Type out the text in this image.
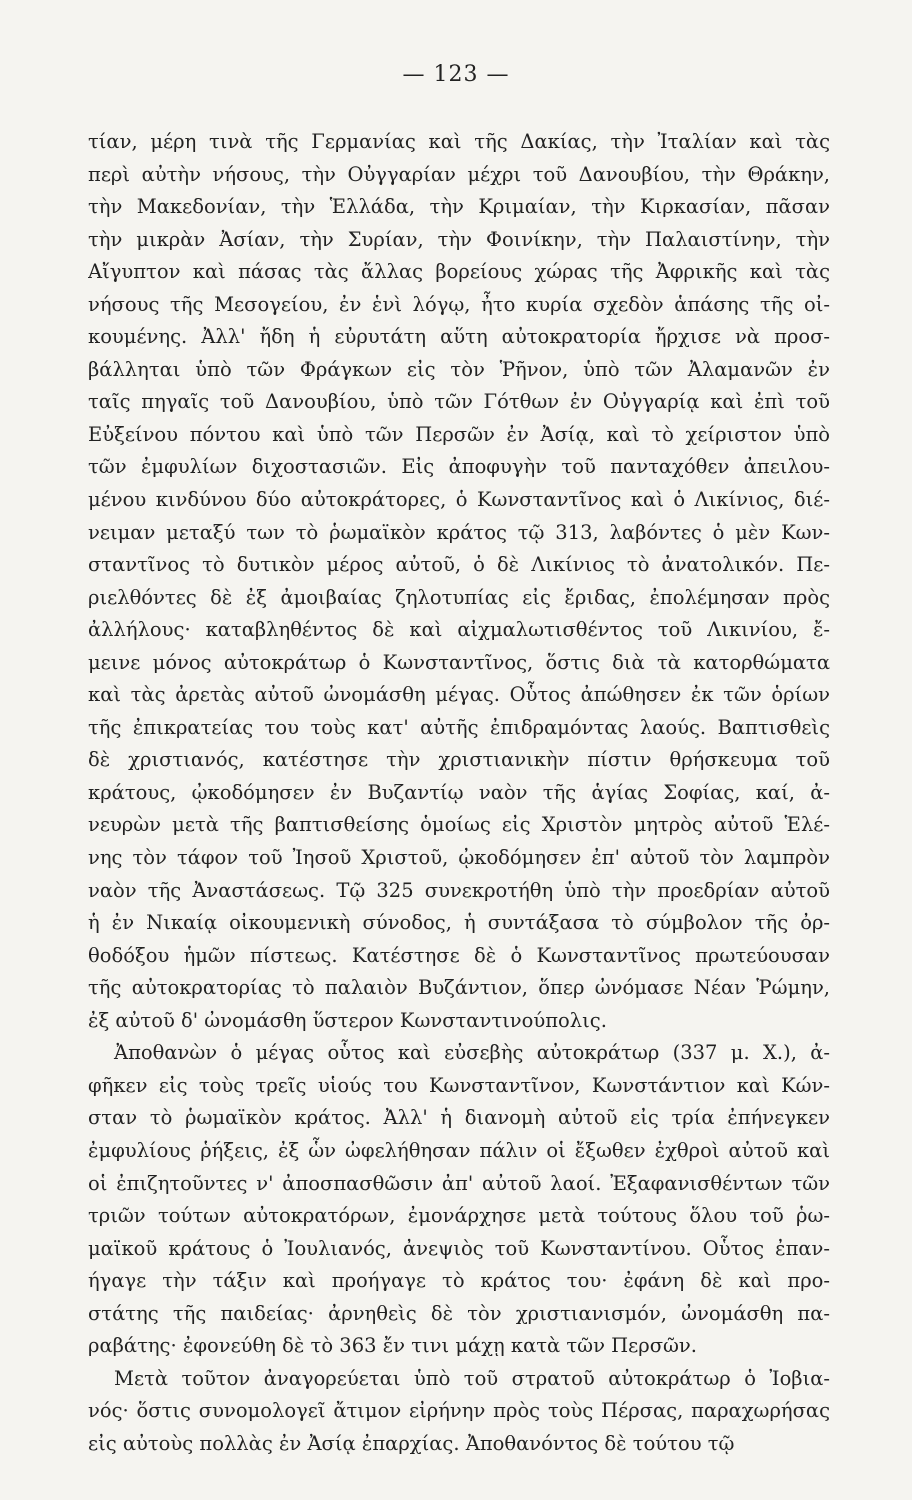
— 123 —
τίαν, μέρη τινὰ τῆς Γερμανίας καὶ τῆς Δακίας, τὴν Ἰταλίαν καὶ τὰς
περὶ αὐτὴν νήσους, τὴν Οὐγγαρίαν μέχρι τοῦ Δανουβίου, τὴν Θράκην,
τὴν Μακεδονίαν, τὴν Ἑλλάδα, τὴν Κριμαίαν, τὴν Κιρκασίαν, πᾶσαν
τὴν μικρὰν Ἀσίαν, τὴν Συρίαν, τὴν Φοινίκην, τὴν Παλαιστίνην, τὴν
Αἴγυπτον καὶ πάσας τὰς ἄλλας βορείους χώρας τῆς Ἀφρικῆς καὶ τὰς
νήσους τῆς Μεσογείου, ἐν ἑνὶ λόγῳ, ἦτο κυρία σχεδὸν ἁπάσης τῆς οἰ-
κουμένης. Ἀλλ' ἤδη ἡ εὐρυτάτη αὕτη αὐτοκρατορία ἤρχισε νὰ προσ-
βάλληται ὑπὸ τῶν Φράγκων εἰς τὸν Ῥῆνον, ὑπὸ τῶν Ἀλαμανῶν ἐν
ταῖς πηγαῖς τοῦ Δανουβίου, ὑπὸ τῶν Γότθων ἐν Οὐγγαρίᾳ καὶ ἐπὶ τοῦ
Εὐξείνου πόντου καὶ ὑπὸ τῶν Περσῶν ἐν Ἀσίᾳ, καὶ τὸ χείριστον ὑπὸ
τῶν ἐμφυλίων διχοστασιῶν. Εἰς ἀποφυγὴν τοῦ πανταχόθεν ἀπειλου-
μένου κινδύνου δύο αὐτοκράτορες, ὁ Κωνσταντῖνος καὶ ὁ Λικίνιος, διέ-
νειμαν μεταξύ των τὸ ῥωμαϊκὸν κράτος τῷ 313, λαβόντες ὁ μὲν Κων-
σταντῖνος τὸ δυτικὸν μέρος αὐτοῦ, ὁ δὲ Λικίνιος τὸ ἀνατολικόν. Πε-
ριελθόντες δὲ ἐξ ἀμοιβαίας ζηλοτυπίας εἰς ἔριδας, ἐπολέμησαν πρὸς
ἀλλήλους· καταβληθέντος δὲ καὶ αἰχμαλωτισθέντος τοῦ Λικινίου, ἔ-
μεινε μόνος αὐτοκράτωρ ὁ Κωνσταντῖνος, ὅστις διὰ τὰ κατορθώματα
καὶ τὰς ἀρετὰς αὐτοῦ ὠνομάσθη μέγας. Οὗτος ἀπώθησεν ἐκ τῶν ὁρίων
τῆς ἐπικρατείας του τοὺς κατ' αὐτῆς ἐπιδραμόντας λαούς. Βαπτισθεὶς
δὲ χριστιανός, κατέστησε τὴν χριστιανικὴν πίστιν θρήσκευμα τοῦ
κράτους, ᾠκοδόμησεν ἐν Βυζαντίῳ ναὸν τῆς ἁγίας Σοφίας, καί, ἀ-
νευρὼν μετὰ τῆς βαπτισθείσης ὁμοίως εἰς Χριστὸν μητρὸς αὐτοῦ Ἑλέ-
νης τὸν τάφον τοῦ Ἰησοῦ Χριστοῦ, ᾠκοδόμησεν ἐπ' αὐτοῦ τὸν λαμπρὸν
ναὸν τῆς Ἀναστάσεως. Τῷ 325 συνεκροτήθη ὑπὸ τὴν προεδρίαν αὐτοῦ
ἡ ἐν Νικαίᾳ οἰκουμενικὴ σύνοδος, ἡ συντάξασα τὸ σύμβολον τῆς ὀρ-
θοδόξου ἡμῶν πίστεως. Κατέστησε δὲ ὁ Κωνσταντῖνος πρωτεύουσαν
τῆς αὐτοκρατορίας τὸ παλαιὸν Βυζάντιον, ὅπερ ὠνόμασε Νέαν Ῥώμην,
ἐξ αὐτοῦ δ' ὠνομάσθη ὕστερον Κωνσταντινούπολις.
Ἀποθανὼν ὁ μέγας οὗτος καὶ εὐσεβὴς αὐτοκράτωρ (337 μ. Χ.), ἀ-
φῆκεν εἰς τοὺς τρεῖς υἱούς του Κωνσταντῖνον, Κωνστάντιον καὶ Κών-
σταν τὸ ῥωμαϊκὸν κράτος. Ἀλλ' ἡ διανομὴ αὐτοῦ εἰς τρία ἐπήνεγκεν
ἐμφυλίους ῥήξεις, ἐξ ὧν ὠφελήθησαν πάλιν οἱ ἔξωθεν ἐχθροὶ αὐτοῦ καὶ
οἱ ἐπιζητοῦντες ν' ἀποσπασθῶσιν ἀπ' αὐτοῦ λαοί. Ἐξαφανισθέντων τῶν
τριῶν τούτων αὐτοκρατόρων, ἐμονάρχησε μετὰ τούτους ὅλου τοῦ ῥω-
μαϊκοῦ κράτους ὁ Ἰουλιανός, ἀνεψιὸς τοῦ Κωνσταντίνου. Οὗτος ἐπαν-
ήγαγε τὴν τάξιν καὶ προήγαγε τὸ κράτος του· ἐφάνη δὲ καὶ προ-
στάτης τῆς παιδείας· ἀρνηθεὶς δὲ τὸν χριστιανισμόν, ὠνομάσθη πα-
ραβάτης· ἐφονεύθη δὲ τὸ 363 ἔν τινι μάχῃ κατὰ τῶν Περσῶν.
Μετὰ τοῦτον ἀναγορεύεται ὑπὸ τοῦ στρατοῦ αὐτοκράτωρ ὁ Ἰοβια-
νός· ὅστις συνομολογεῖ ἄτιμον εἰρήνην πρὸς τοὺς Πέρσας, παραχωρήσας
εἰς αὐτοὺς πολλὰς ἐν Ἀσίᾳ ἐπαρχίας. Ἀποθανόντος δὲ τούτου τῷ
